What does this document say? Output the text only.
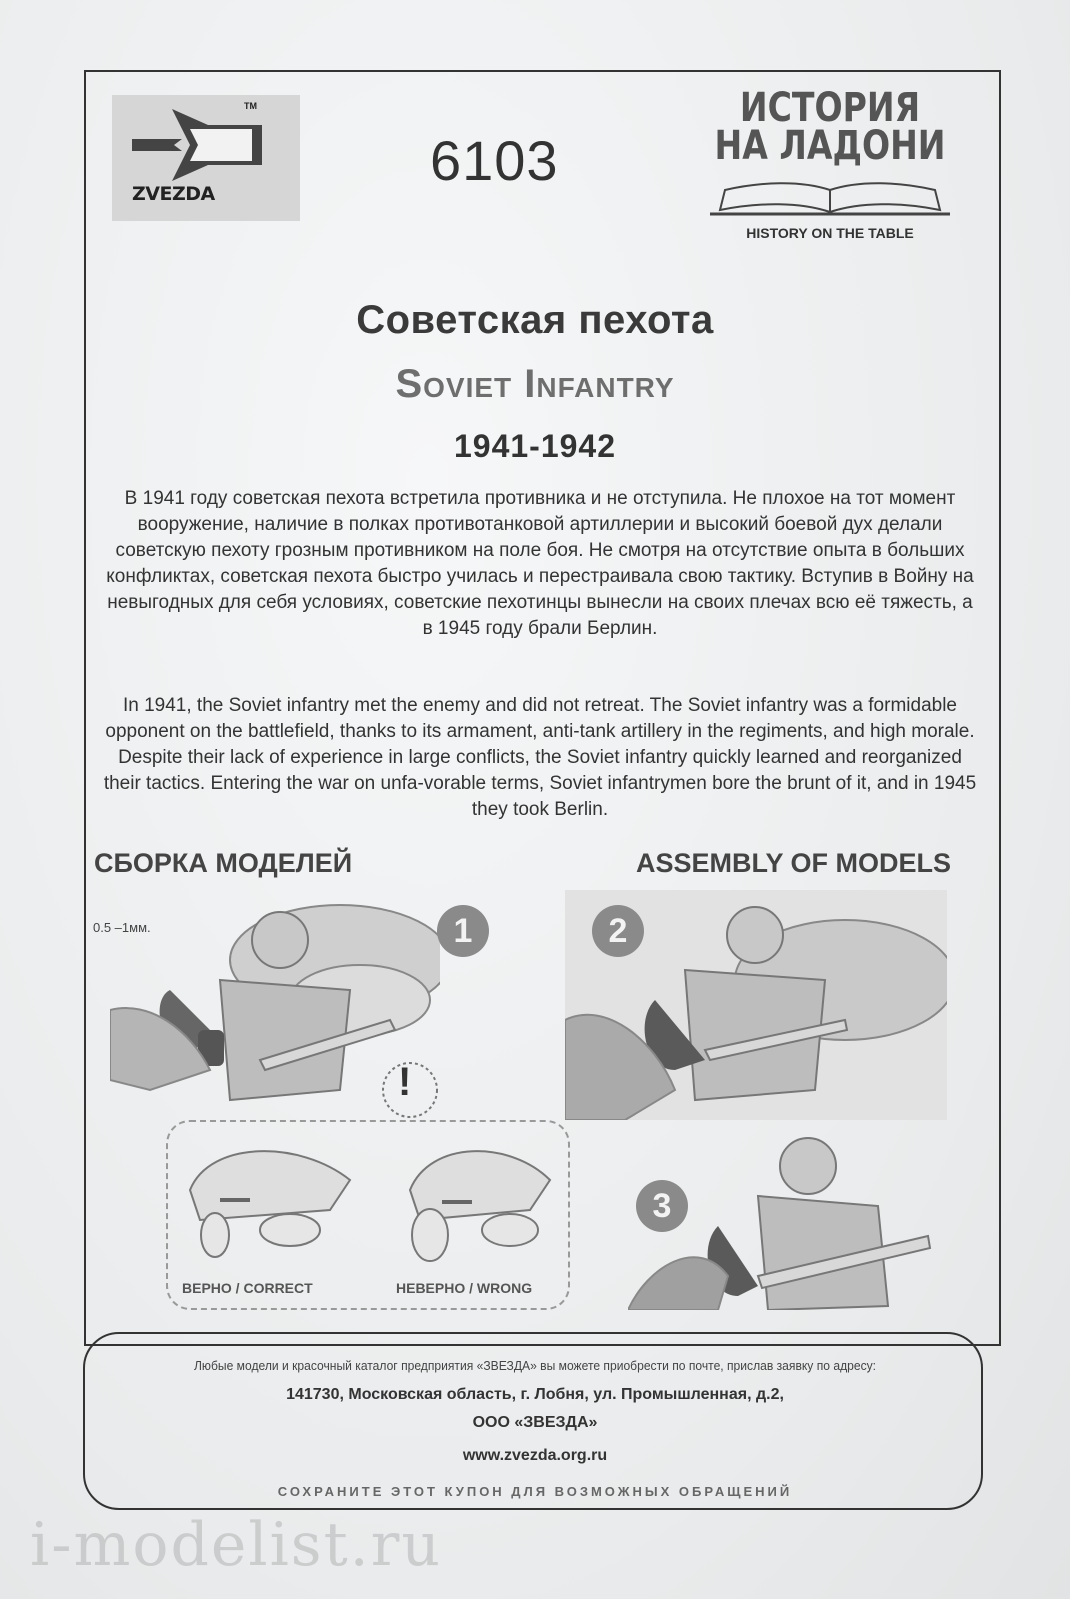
TM
ZVEZDA
6103
ИСТОРИЯ
НА ЛАДОНИ
HISTORY ON THE TABLE
Советская пехота
Soviet Infantry
1941-1942
В 1941 году советская пехота встретила противника и не отступила. Не плохое на тот момент вооружение, наличие в полках противотанковой артиллерии и высокий боевой дух делали советскую пехоту грозным противником на поле боя. Не смотря на отсутствие опыта в больших конфликтах, советская пехота быстро училась и перестраивала свою тактику. Вступив в Войну на невыгодных для себя условиях, советские пехотинцы вынесли на своих плечах всю её тяжесть, а в 1945 году брали Берлин.
In 1941, the Soviet infantry met the enemy and did not retreat. The Soviet infantry was a formidable opponent on the battlefield, thanks to its armament, anti-tank artillery in the regiments, and high morale. Despite their lack of experience in large conflicts, the Soviet infantry quickly learned and reorganized their tactics. Entering the war on unfa-vorable terms, Soviet infantrymen bore the brunt of it, and in 1945 they took Berlin.
СБОРКА МОДЕЛЕЙ	ASSEMBLY OF MODELS
0.5 –1мм.	1	2
!
ВЕРНО / CORRECT	НЕВЕРНО / WRONG
3
Любые модели и красочный каталог предприятия «ЗВЕЗДА» вы можете приобрести по почте, прислав заявку по адресу:
141730, Московская область, г. Лобня, ул. Промышленная, д.2,
ООО «ЗВЕЗДА»
www.zvezda.org.ru
СОХРАНИТЕ ЭТОТ КУПОН ДЛЯ ВОЗМОЖНЫХ ОБРАЩЕНИЙ
i-modelist.ru
